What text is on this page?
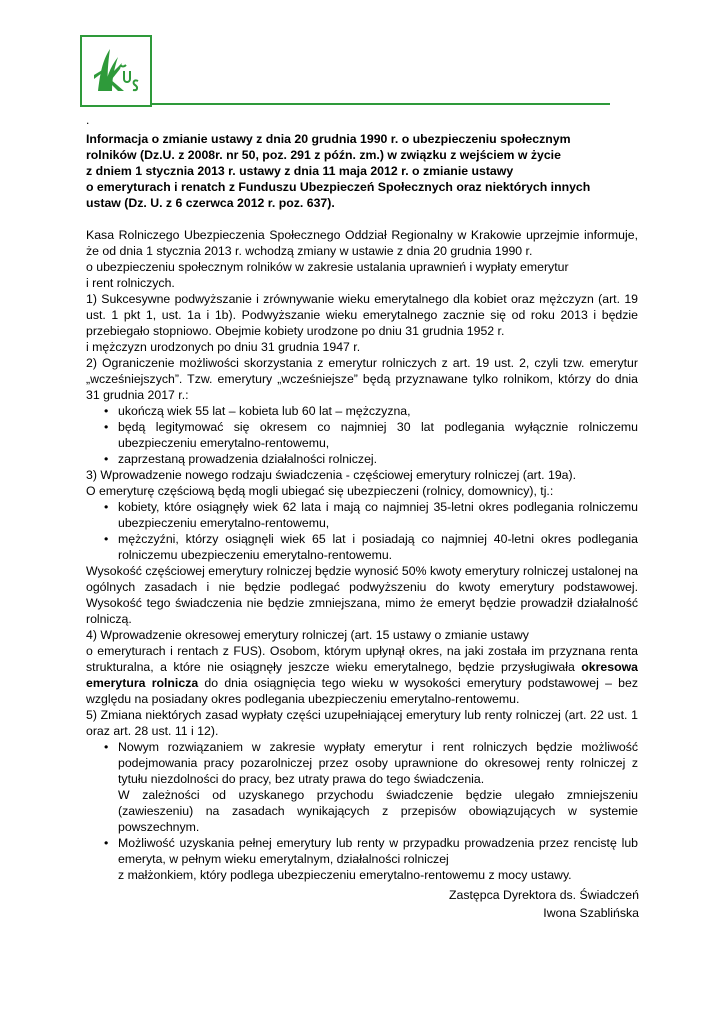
.
Informacja o zmianie ustawy z dnia 20 grudnia 1990 r. o ubezpieczeniu społecznym
rolników (Dz.U. z 2008r. nr 50, poz. 291 z późn. zm.) w związku z wejściem w życie
z dniem 1 stycznia 2013 r. ustawy z dnia 11 maja 2012 r. o zmianie ustawy
o emeryturach i renatch z Funduszu Ubezpieczeń Społecznych oraz niektórych innych
ustaw (Dz. U. z 6 czerwca 2012 r. poz. 637).

Kasa Rolniczego Ubezpieczenia Społecznego Oddział Regionalny w Krakowie uprzejmie informuje, że od dnia 1 stycznia 2013 r. wchodzą zmiany w ustawie z dnia 20 grudnia 1990 r.

o ubezpieczeniu społecznym rolników w zakresie ustalania uprawnień i wypłaty emerytur

i rent rolniczych.

1) Sukcesywne podwyższanie i zrównywanie wieku emerytalnego dla kobiet oraz mężczyzn (art. 19 ust. 1 pkt 1, ust. 1a i 1b). Podwyższanie wieku emerytalnego zacznie się od roku 2013 i będzie przebiegało stopniowo. Obejmie kobiety urodzone po dniu 31 grudnia 1952 r.

i mężczyzn urodzonych po dniu 31 grudnia 1947 r.

2) Ograniczenie możliwości skorzystania z emerytur rolniczych z art. 19 ust. 2, czyli tzw. emerytur „wcześniejszych”. Tzw. emerytury „wcześniejsze” będą przyznawane tylko rolnikom, którzy do dnia 31 grudnia 2017 r.:

• ukończą wiek 55 lat – kobieta lub 60 lat – mężczyzna,
• będą legitymować się okresem co najmniej 30 lat podlegania wyłącznie rolniczemu ubezpieczeniu emerytalno-rentowemu,
• zaprzestaną prowadzenia działalności rolniczej.

3) Wprowadzenie nowego rodzaju świadczenia - częściowej emerytury rolniczej (art. 19a).

O emeryturę częściową będą mogli ubiegać się ubezpieczeni (rolnicy, domownicy), tj.:

• kobiety, które osiągnęły wiek 62 lata i mają co najmniej 35-letni okres podlegania rolniczemu ubezpieczeniu emerytalno-rentowemu,
• mężczyźni, którzy osiągnęli wiek 65 lat i posiadają co najmniej 40-letni okres podlegania rolniczemu ubezpieczeniu emerytalno-rentowemu.

Wysokość częściowej emerytury rolniczej będzie wynosić 50% kwoty emerytury rolniczej ustalonej na ogólnych zasadach i nie będzie podlegać podwyższeniu do kwoty emerytury podstawowej. Wysokość tego świadczenia nie będzie zmniejszana, mimo że emeryt będzie prowadził działalność rolniczą.

4) Wprowadzenie okresowej emerytury rolniczej (art. 15 ustawy o zmianie ustawy

o emeryturach i rentach z FUS). Osobom, którym upłynął okres, na jaki została im przyznana renta strukturalna, a które nie osiągnęły jeszcze wieku emerytalnego, będzie przysługiwała okresowa emerytura rolnicza do dnia osiągnięcia tego wieku w wysokości emerytury podstawowej – bez względu na posiadany okres podlegania ubezpieczeniu emerytalno-rentowemu.

5) Zmiana niektórych zasad wypłaty części uzupełniającej emerytury lub renty rolniczej (art. 22 ust. 1 oraz art. 28 ust. 11 i 12).

• Nowym rozwiązaniem w zakresie wypłaty emerytur i rent rolniczych będzie możliwość podejmowania pracy pozarolniczej przez osoby uprawnione do okresowej renty rolniczej z tytułu niezdolności do pracy, bez utraty prawa do tego świadczenia.
W zależności od uzyskanego przychodu świadczenie będzie ulegało zmniejszeniu (zawieszeniu) na zasadach wynikających z przepisów obowiązujących w systemie powszechnym.
• Możliwość uzyskania pełnej emerytury lub renty w przypadku prowadzenia przez rencistę lub emeryta, w pełnym wieku emerytalnym, działalności rolniczej
z małżonkiem, który podlega ubezpieczeniu emerytalno-rentowemu z mocy ustawy.
Zastępca Dyrektora ds. Świadczeń
Iwona Szablińska
